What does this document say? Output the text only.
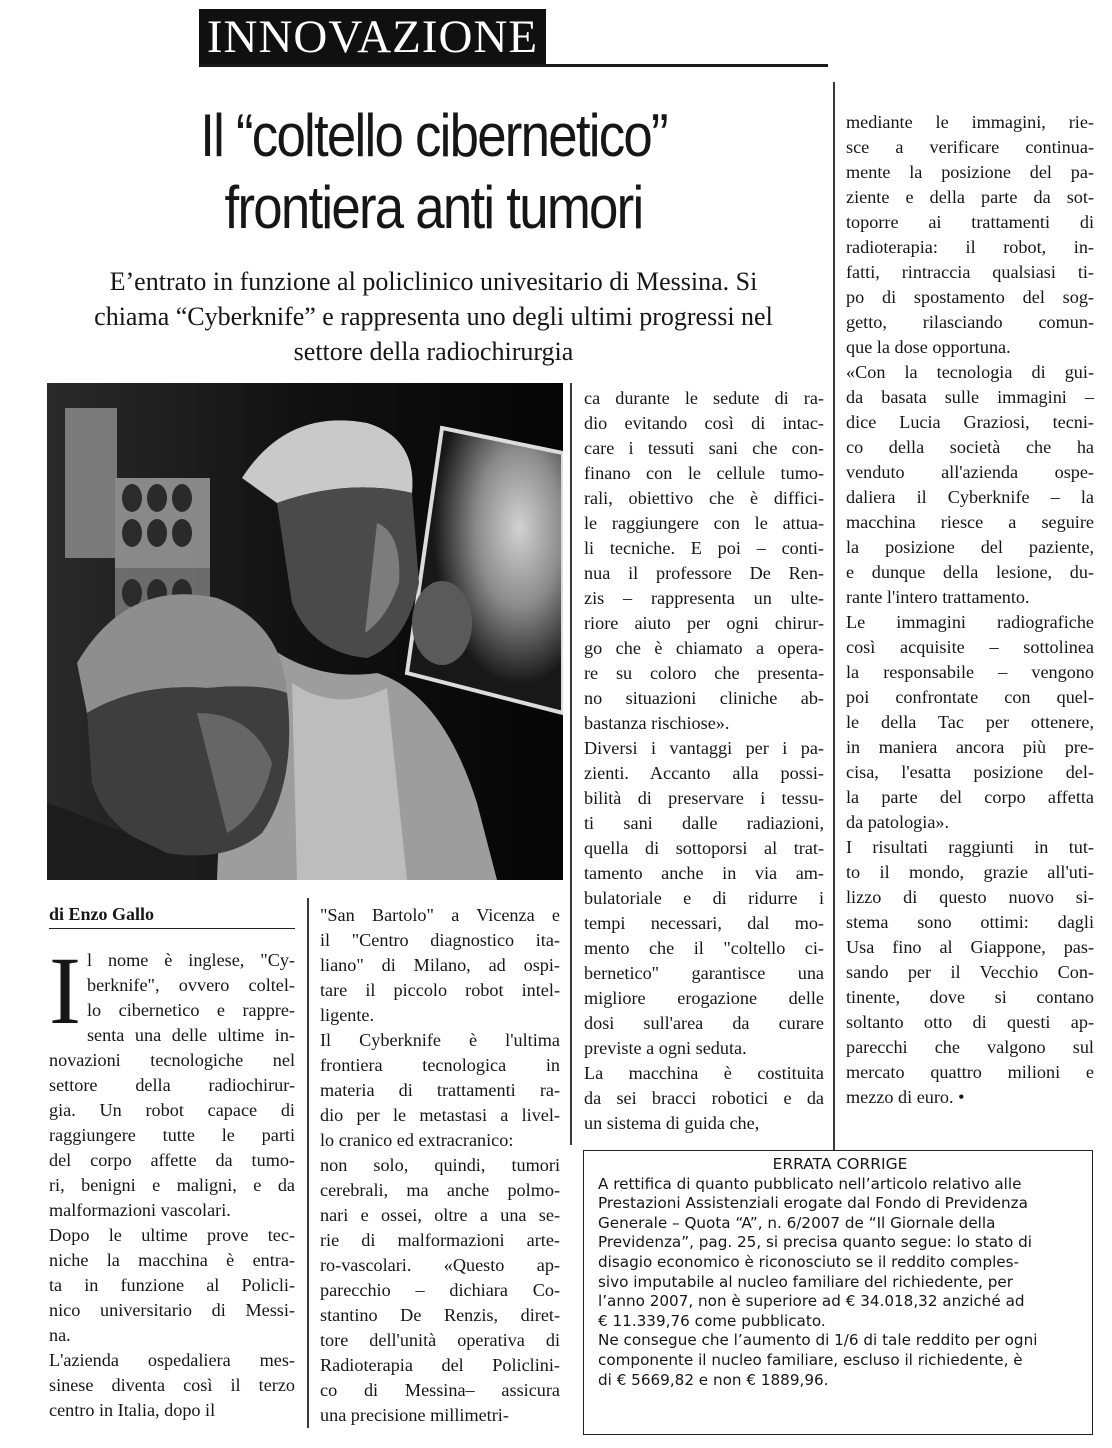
INNOVAZIONE
Il “coltello cibernetico”
frontiera anti tumori

E’entrato in funzione al policlinico univesitario di Messina. Si
chiama “Cyberknife” e rappresenta uno degli ultimi progressi nel
settore della radiochirurgia

di Enzo Gallo
I l nome è inglese, "Cy-
berknife", ovvero coltel-
lo cibernetico e rappre-
senta una delle ultime in-
novazioni tecnologiche nel
settore della radiochirur-
gia. Un robot capace di
raggiungere tutte le parti
del corpo affette da tumo-
ri, benigni e maligni, e da
malformazioni vascolari.
Dopo le ultime prove tec-
niche la macchina è entra-
ta in funzione al Policli-
nico universitario di Messi-
na.
L'azienda ospedaliera mes-
sinese diventa così il terzo
centro in Italia, dopo il
"San Bartolo" a Vicenza e
il "Centro diagnostico ita-
liano" di Milano, ad ospi-
tare il piccolo robot intel-
ligente.
Il Cyberknife è l'ultima
frontiera tecnologica in
materia di trattamenti ra-
dio per le metastasi a livel-
lo cranico ed extracranico:
non solo, quindi, tumori
cerebrali, ma anche polmo-
nari e ossei, oltre a una se-
rie di malformazioni arte-
ro-vascolari. «Questo ap-
parecchio – dichiara Co-
stantino De Renzis, diret-
tore dell'unità operativa di
Radioterapia del Policlini-
co di Messina– assicura
una precisione millimetri-
ca durante le sedute di ra-
dio evitando così di intac-
care i tessuti sani che con-
finano con le cellule tumo-
rali, obiettivo che è diffici-
le raggiungere con le attua-
li tecniche. E poi – conti-
nua il professore De Ren-
zis – rappresenta un ulte-
riore aiuto per ogni chirur-
go che è chiamato a opera-
re su coloro che presenta-
no situazioni cliniche ab-
bastanza rischiose».
Diversi i vantaggi per i pa-
zienti. Accanto alla possi-
bilità di preservare i tessu-
ti sani dalle radiazioni,
quella di sottoporsi al trat-
tamento anche in via am-
bulatoriale e di ridurre i
tempi necessari, dal mo-
mento che il "coltello ci-
bernetico" garantisce una
migliore erogazione delle
dosi sull'area da curare
previste a ogni seduta.
La macchina è costituita
da sei bracci robotici e da
un sistema di guida che,
mediante le immagini, rie-
sce a verificare continua-
mente la posizione del pa-
ziente e della parte da sot-
toporre ai trattamenti di
radioterapia: il robot, in-
fatti, rintraccia qualsiasi ti-
po di spostamento del sog-
getto, rilasciando comun-
que la dose opportuna.
«Con la tecnologia di gui-
da basata sulle immagini –
dice Lucia Graziosi, tecni-
co della società che ha
venduto all'azienda ospe-
daliera il Cyberknife – la
macchina riesce a seguire
la posizione del paziente,
e dunque della lesione, du-
rante l'intero trattamento.
Le immagini radiografiche
così acquisite – sottolinea
la responsabile – vengono
poi confrontate con quel-
le della Tac per ottenere,
in maniera ancora più pre-
cisa, l'esatta posizione del-
la parte del corpo affetta
da patologia».
I risultati raggiunti in tut-
to il mondo, grazie all'uti-
lizzo di questo nuovo si-
stema sono ottimi: dagli
Usa fino al Giappone, pas-
sando per il Vecchio Con-
tinente, dove si contano
soltanto otto di questi ap-
parecchi che valgono sul
mercato quattro milioni e
mezzo di euro. •
ERRATA CORRIGE
A rettifica di quanto pubblicato nell’articolo relativo alle
Prestazioni Assistenziali erogate dal Fondo di Previdenza
Generale – Quota “A”, n. 6/2007 de “Il Giornale della
Previdenza”, pag. 25, si precisa quanto segue: lo stato di
disagio economico è riconosciuto se il reddito comples-
sivo imputabile al nucleo familiare del richiedente, per
l’anno 2007, non è superiore ad € 34.018,32 anziché ad
€ 11.339,76 come pubblicato.
Ne consegue che l’aumento di 1/6 di tale reddito per ogni
componente il nucleo familiare, escluso il richiedente, è
di € 5669,82 e non € 1889,96.
